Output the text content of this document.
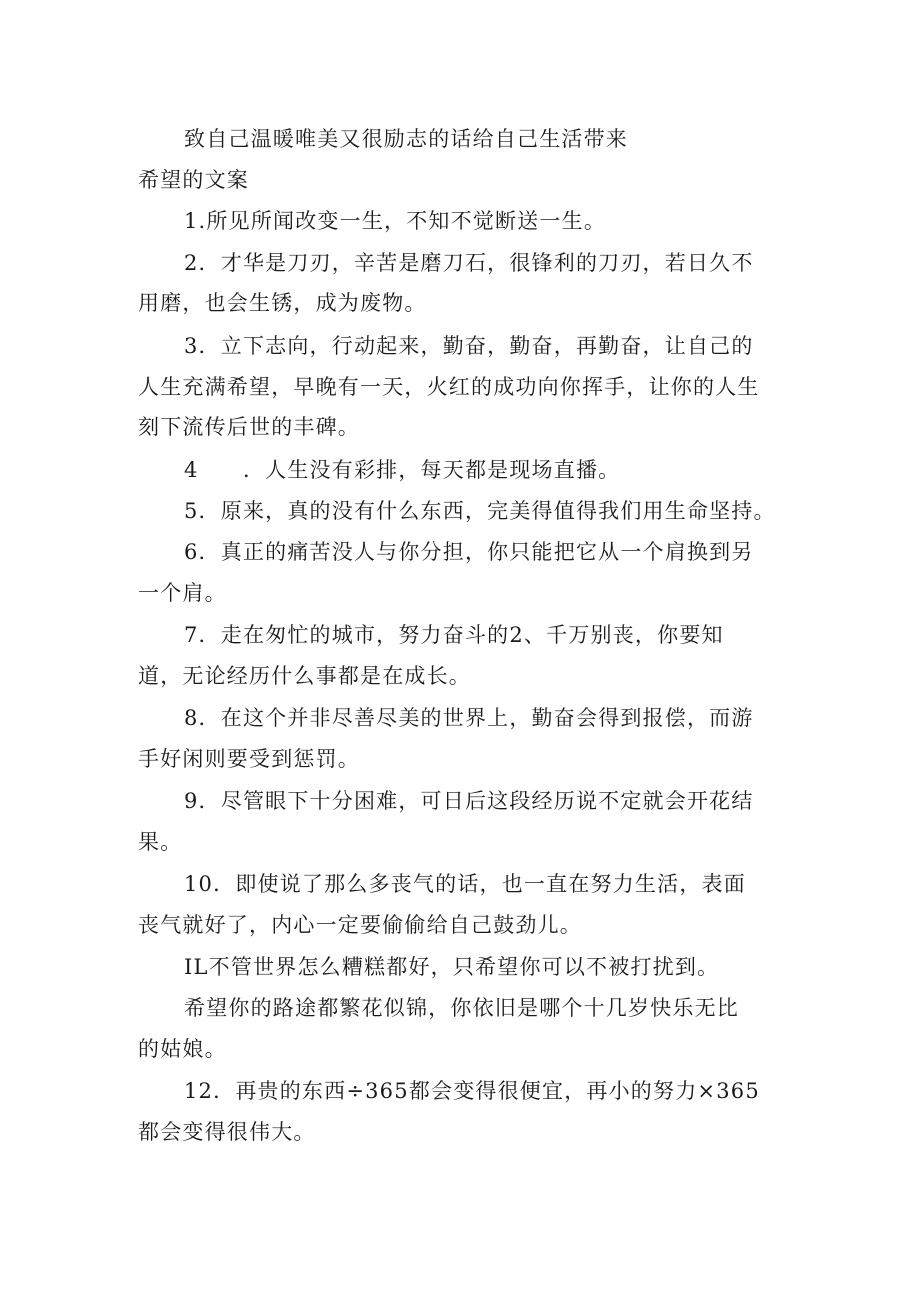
致自己温暖唯美又很励志的话给自己生活带来
希望的文案
1.所见所闻改变一生，不知不觉断送一生。
2．才华是刀刃，辛苦是磨刀石，很锋利的刀刃，若日久不
用磨，也会生锈，成为废物。
3．立下志向，行动起来，勤奋，勤奋，再勤奋，让自己的
人生充满希望，早晚有一天，火红的成功向你挥手，让你的人生
刻下流传后世的丰碑。
4　　．人生没有彩排，每天都是现场直播。
5．原来，真的没有什么东西，完美得值得我们用生命坚持。
6．真正的痛苦没人与你分担，你只能把它从一个肩换到另
一个肩。
7．走在匆忙的城市，努力奋斗的2、千万别丧，你要知
道，无论经历什么事都是在成长。
8．在这个并非尽善尽美的世界上，勤奋会得到报偿，而游
手好闲则要受到惩罚。
9．尽管眼下十分困难，可日后这段经历说不定就会开花结
果。
10．即使说了那么多丧气的话，也一直在努力生活，表面
丧气就好了，内心一定要偷偷给自己鼓劲儿。
IL不管世界怎么糟糕都好，只希望你可以不被打扰到。
希望你的路途都繁花似锦，你依旧是哪个十几岁快乐无比
的姑娘。
12．再贵的东西÷365都会变得很便宜，再小的努力×365
都会变得很伟大。
